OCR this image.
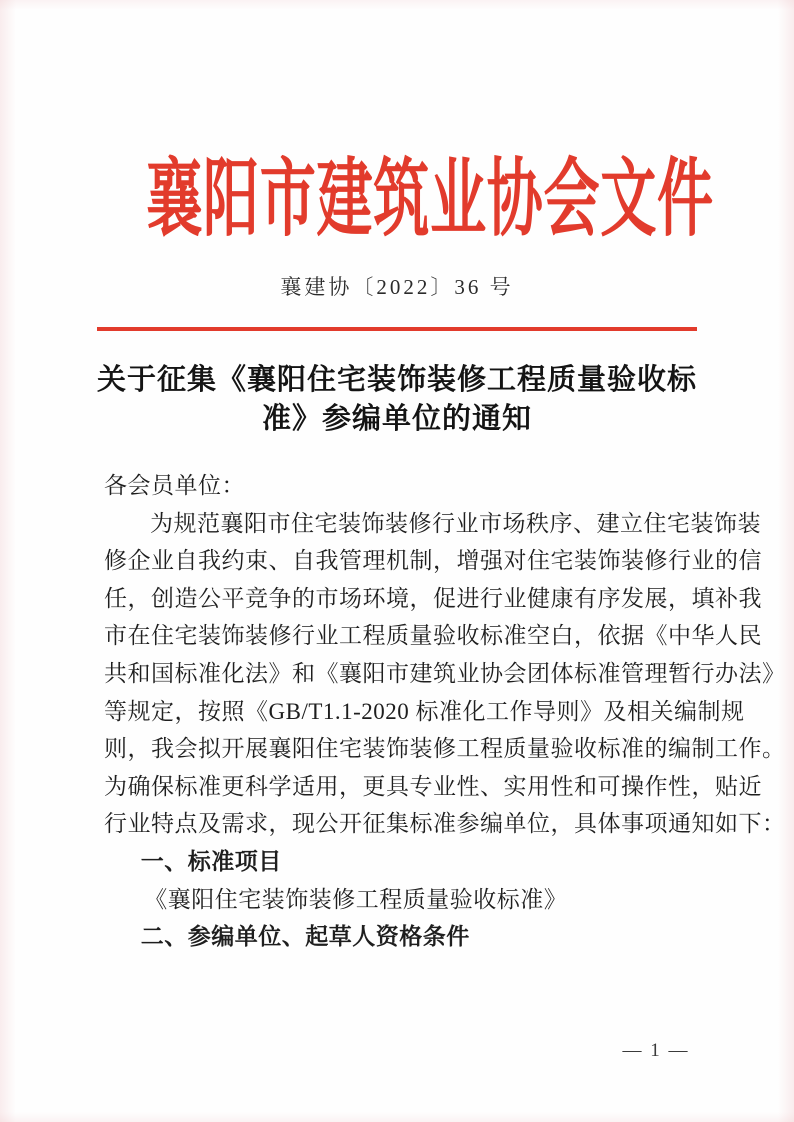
襄阳市建筑业协会文件
襄建协〔2022〕36 号
关于征集《襄阳住宅装饰装修工程质量验收标
准》参编单位的通知
各会员单位：
为规范襄阳市住宅装饰装修行业市场秩序、建立住宅装饰装
修企业自我约束、自我管理机制，增强对住宅装饰装修行业的信
任，创造公平竞争的市场环境，促进行业健康有序发展，填补我
市在住宅装饰装修行业工程质量验收标准空白，依据《中华人民
共和国标准化法》和《襄阳市建筑业协会团体标准管理暂行办法》
等规定，按照《GB/T1.1-2020 标准化工作导则》及相关编制规
则，我会拟开展襄阳住宅装饰装修工程质量验收标准的编制工作。
为确保标准更科学适用，更具专业性、实用性和可操作性，贴近
行业特点及需求，现公开征集标准参编单位，具体事项通知如下：
一、标准项目
《襄阳住宅装饰装修工程质量验收标准》
二、参编单位、起草人资格条件
— 1 —
